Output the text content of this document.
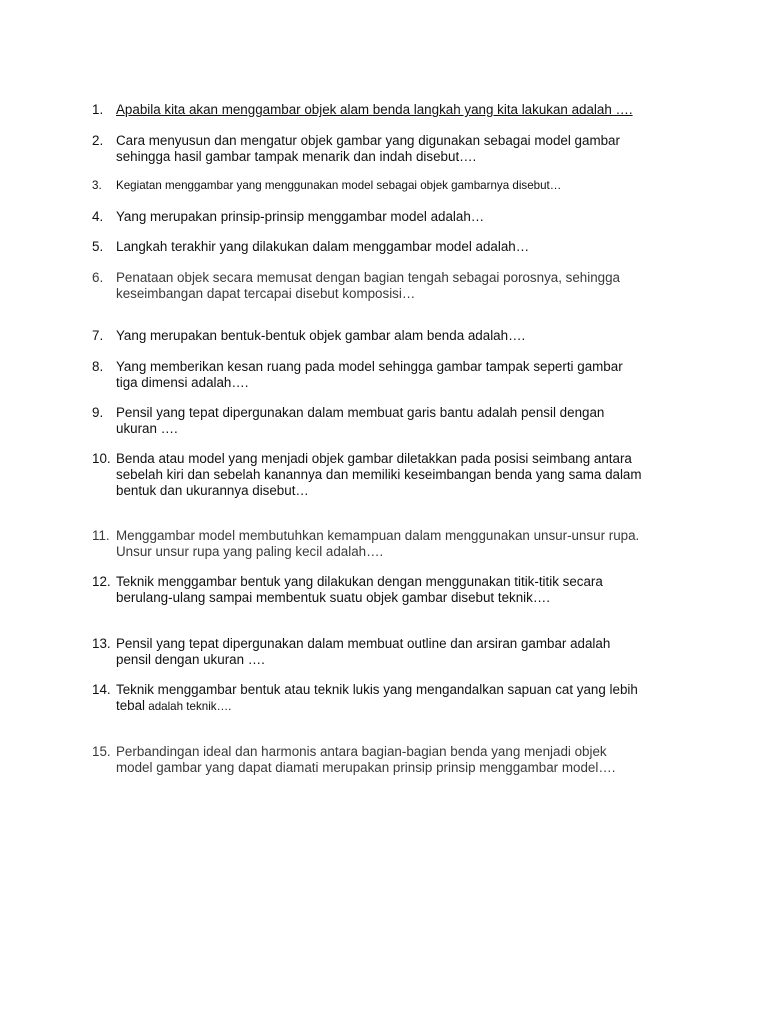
1. Apabila kita akan menggambar objek alam benda langkah yang kita lakukan adalah ….
2. Cara menyusun dan mengatur objek gambar yang digunakan sebagai model gambar
sehingga hasil gambar tampak menarik dan indah disebut….
3.	Kegiatan menggambar yang menggunakan model sebagai objek gambarnya disebut…
4. Yang merupakan prinsip-prinsip menggambar model adalah…
5. Langkah terakhir yang dilakukan dalam menggambar model adalah…
6. Penataan objek secara memusat dengan bagian tengah sebagai porosnya, sehingga
keseimbangan dapat tercapai disebut komposisi…
7. Yang merupakan bentuk-bentuk objek gambar alam benda adalah….
8. Yang memberikan kesan ruang pada model sehingga gambar tampak seperti gambar
tiga dimensi adalah….
9. Pensil yang tepat dipergunakan dalam membuat garis bantu adalah pensil dengan
ukuran ….
10. Benda atau model yang menjadi objek gambar diletakkan pada posisi seimbang antara
sebelah kiri dan sebelah kanannya dan memiliki keseimbangan benda yang sama dalam
bentuk dan ukurannya disebut…
11. Menggambar model membutuhkan kemampuan dalam menggunakan unsur-unsur rupa.
Unsur unsur rupa yang paling kecil adalah….
12. Teknik menggambar bentuk yang dilakukan dengan menggunakan titik-titik secara
berulang-ulang sampai membentuk suatu objek gambar disebut teknik….
13. Pensil yang tepat dipergunakan dalam membuat outline dan arsiran gambar adalah
pensil dengan ukuran ….
14. Teknik menggambar bentuk atau teknik lukis yang mengandalkan sapuan cat yang lebih
tebal adalah teknik….
15. Perbandingan ideal dan harmonis antara bagian-bagian benda yang menjadi objek
model gambar yang dapat diamati merupakan prinsip prinsip menggambar model….
